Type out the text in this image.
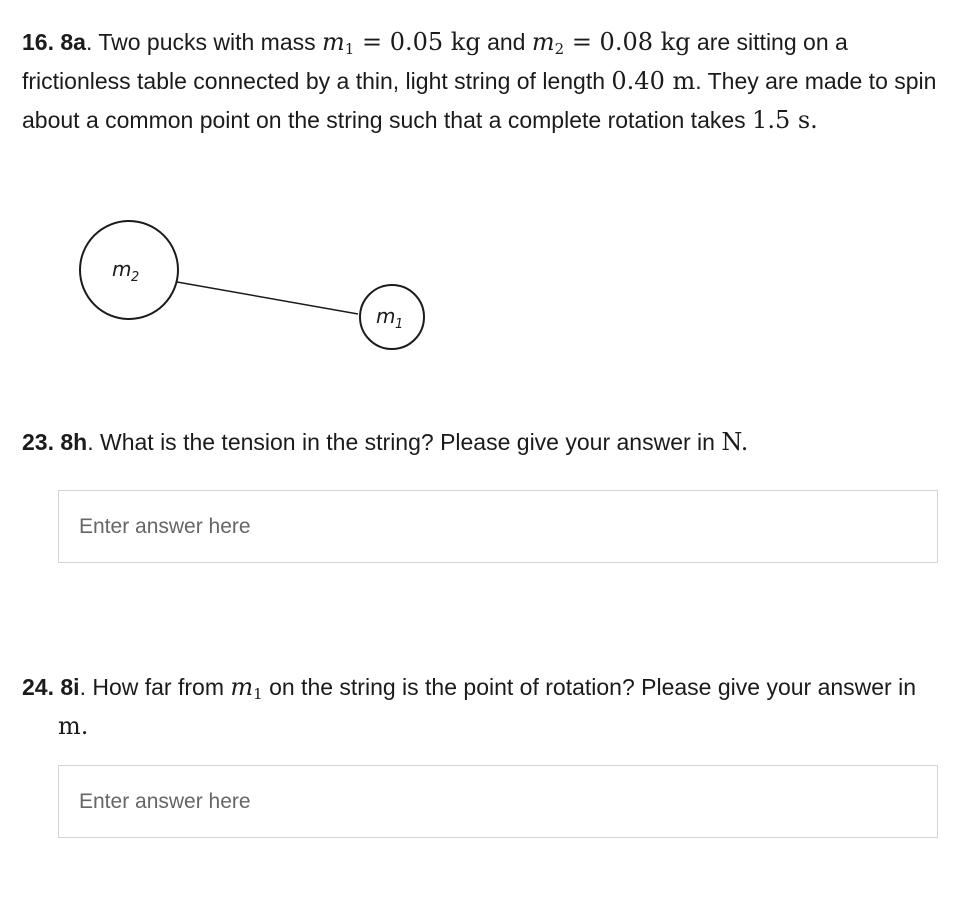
16. 8a. Two pucks with mass $m_1 = 0.05$ kg and $m_2 = 0.08$ kg are sitting on a frictionless table connected by a thin, light string of length 0.40 m. They are made to spin about a common point on the string such that a complete rotation takes 1.5 s.
m 2
m 1
23. 8h. What is the tension in the string? Please give your answer in N.
Enter answer here
24. 8i. How far from $m_1$ on the string is the point of rotation? Please give your answer in
m.
Enter answer here
